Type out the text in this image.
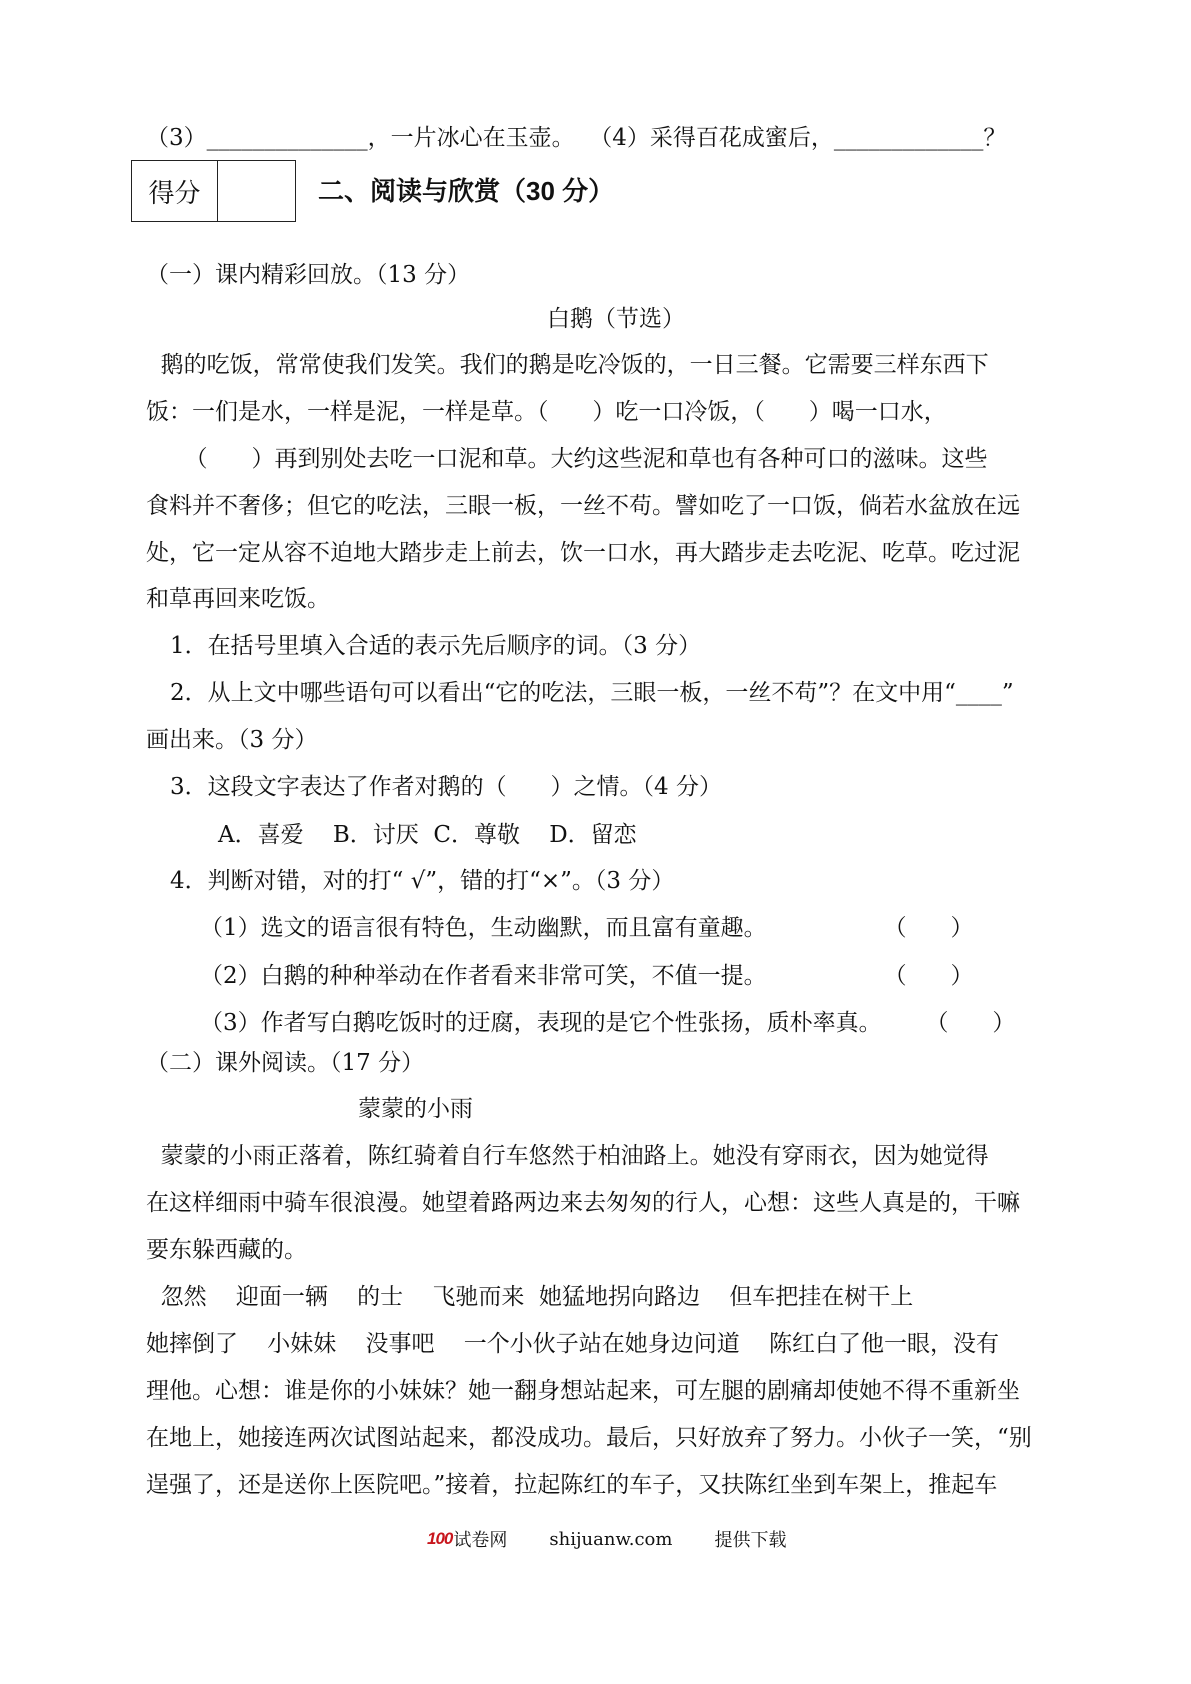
（3）______________，一片冰心在玉壶。  （4）采得百花成蜜后，_____________？
得分	二、阅读与欣赏（30 分）
（一）课内精彩回放。（13 分）
白鹅（节选）
鹅的吃饭，常常使我们发笑。我们的鹅是吃冷饭的，一日三餐。它需要三样东西下
饭：一们是水，一样是泥，一样是草。（      ）吃一口冷饭，（      ）喝一口水，
（      ）再到别处去吃一口泥和草。大约这些泥和草也有各种可口的滋味。这些
食料并不奢侈；但它的吃法，三眼一板，一丝不苟。譬如吃了一口饭，倘若水盆放在远
处，它一定从容不迫地大踏步走上前去，饮一口水，再大踏步走去吃泥、吃草。吃过泥
和草再回来吃饭。
1．在括号里填入合适的表示先后顺序的词。（3 分）
2．从上文中哪些语句可以看出“它的吃法，三眼一板，一丝不苟”？在文中用“____”
画出来。（3 分）
3．这段文字表达了作者对鹅的（      ）之情。（4 分）
A．喜爱    B．讨厌  C．尊敬    D．留恋
4．判断对错，对的打“ √”，错的打“×”。（3 分）
（1）选文的语言很有特色，生动幽默，而且富有童趣。                （      ）
（2）白鹅的种种举动在作者看来非常可笑，不值一提。                （      ）
（3）作者写白鹅吃饭时的迂腐，表现的是它个性张扬，质朴率真。      （      ）
（二）课外阅读。（17 分）
蒙蒙的小雨
蒙蒙的小雨正落着，陈红骑着自行车悠然于柏油路上。她没有穿雨衣，因为她觉得
在这样细雨中骑车很浪漫。她望着路两边来去匆匆的行人，心想：这些人真是的，干嘛
要东躲西藏的。
忽然    迎面一辆    的士    飞驰而来  她猛地拐向路边    但车把挂在树干上
她摔倒了    小妹妹    没事吧    一个小伙子站在她身边问道    陈红白了他一眼，没有
理他。心想：谁是你的小妹妹？她一翻身想站起来，可左腿的剧痛却使她不得不重新坐
在地上，她接连两次试图站起来，都没成功。最后，只好放弃了努力。小伙子一笑，“别
逞强了，还是送你上医院吧。”接着，拉起陈红的车子，又扶陈红坐到车架上，推起车
100 试卷网 shijuanw.com 提供下载
